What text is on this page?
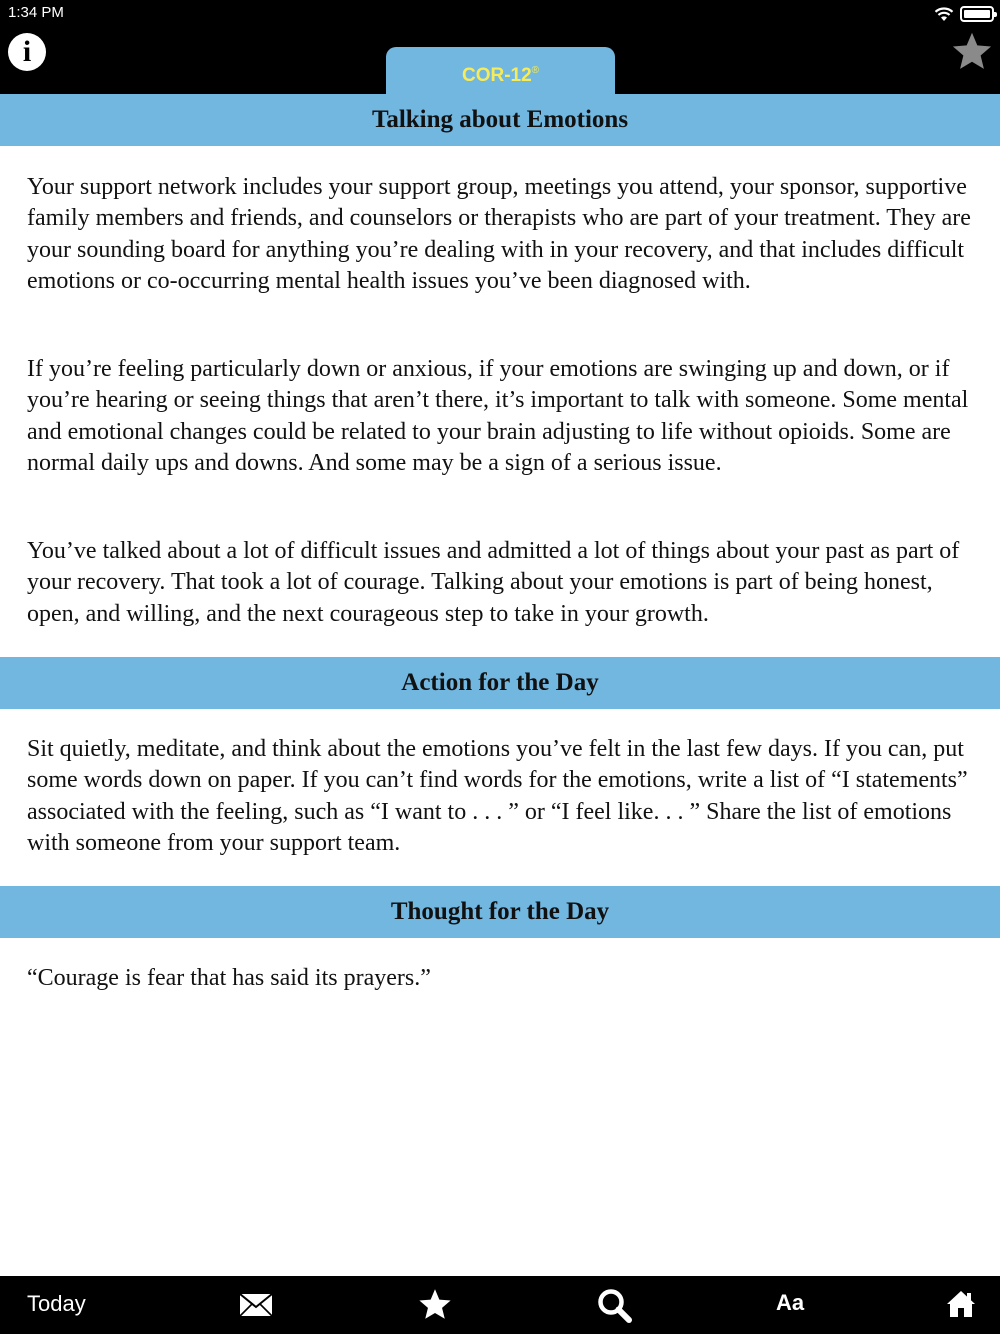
1:34 PM
i
COR-12®
Talking about Emotions

Your support network includes your support group, meetings you attend, your sponsor, supportive family members and friends, and counselors or therapists who are part of your treatment. They are your sounding board for anything you’re dealing with in your recovery, and that includes difficult emotions or co-occurring mental health issues you’ve been diagnosed with.

If you’re feeling particularly down or anxious, if your emotions are swinging up and down, or if you’re hearing or seeing things that aren’t there, it’s important to talk with someone. Some mental and emotional changes could be related to your brain adjusting to life without opioids. Some are normal daily ups and downs. And some may be a sign of a serious issue.

You’ve talked about a lot of difficult issues and admitted a lot of things about your past as part of your recovery. That took a lot of courage. Talking about your emotions is part of being honest, open, and willing, and the next courageous step to take in your growth.

Action for the Day

Sit quietly, meditate, and think about the emotions you’ve felt in the last few days. If you can, put some words down on paper. If you can’t find words for the emotions, write a list of “I statements” associated with the feeling, such as “I want to . . . ” or “I feel like. . . ” Share the list of emotions with someone from your support team.

Thought for the Day

“Courage is fear that has said its prayers.”

Today	Aa
